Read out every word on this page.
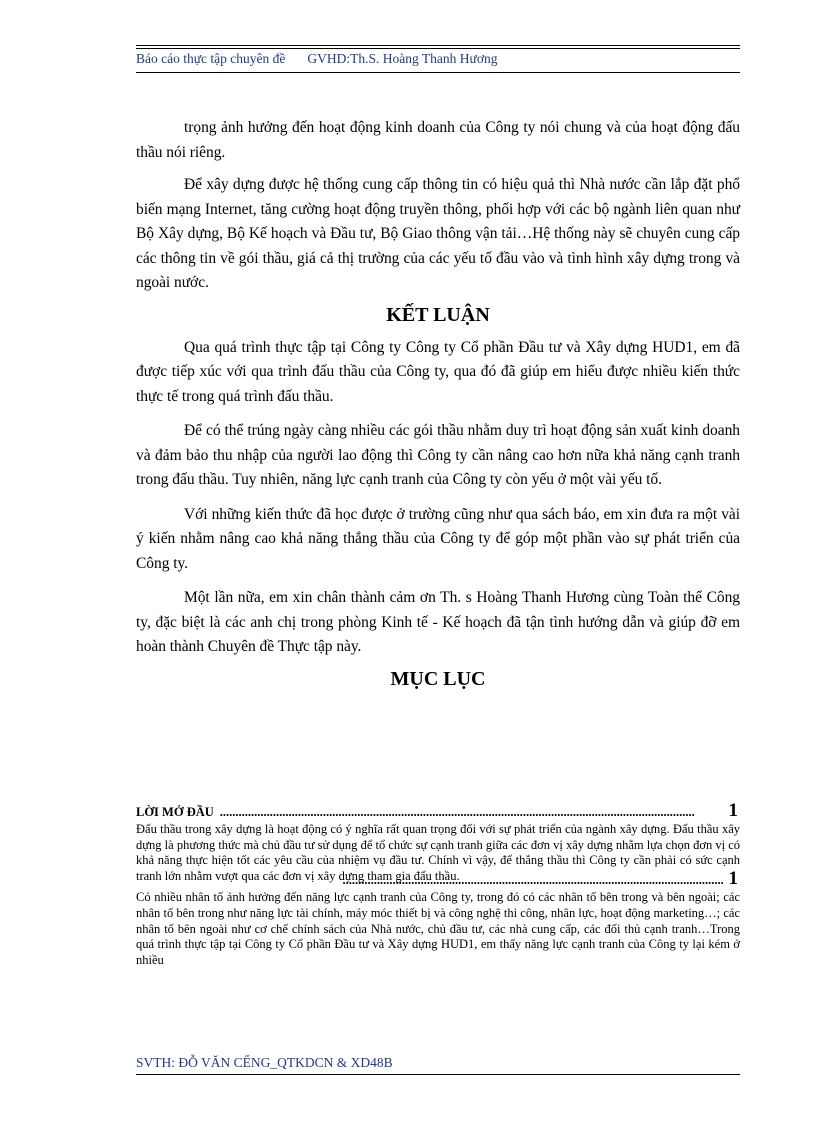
Báo cáo thực tập chuyên đề GVHD:Th.S. Hoàng Thanh Hương

trọng ảnh hưởng đến hoạt động kinh doanh của Công ty nói chung và của hoạt động đấu thầu nói riêng.

Để xây dựng được hệ thống cung cấp thông tin có hiệu quả thì Nhà nước cần lắp đặt phổ biến mạng Internet, tăng cường hoạt động truyền thông, phối hợp với các bộ ngành liên quan như Bộ Xây dựng, Bộ Kế hoạch và Đầu tư, Bộ Giao thông vận tải…Hệ thống này sẽ chuyên cung cấp các thông tin về gói thầu, giá cả thị trường của các yếu tố đầu vào và tình hình xây dựng trong và ngoài nước.

KẾT LUẬN

Qua quá trình thực tập tại Công ty Công ty Cổ phần Đầu tư và Xây dựng HUD1, em đã được tiếp xúc với qua trình đấu thầu của Công ty, qua đó đã giúp em hiểu được nhiều kiến thức thực tế trong quá trình đấu thầu.

Để có thể trúng ngày càng nhiều các gói thầu nhằm duy trì hoạt động sản xuất kinh doanh và đảm bảo thu nhập của người lao động thì Công ty cần nâng cao hơn nữa khả năng cạnh tranh trong đấu thầu. Tuy nhiên, năng lực cạnh tranh của Công ty còn yếu ở một vài yếu tố.

Với những kiến thức đã học được ở trường cũng như qua sách báo, em xin đưa ra một vài ý kiến nhằm nâng cao khả năng thắng thầu của Công ty để góp một phần vào sự phát triển của Công ty.

Một lần nữa, em xin chân thành cảm ơn Th. s Hoàng Thanh Hương cùng Toàn thể Công ty, đặc biệt là các anh chị trong phòng Kinh tế - Kế hoạch đã tận tình hướng dẫn và giúp đỡ em hoàn thành Chuyên đề Thực tập này.

MỤC LỤC
LỜI MỞ ĐẦU .....	1

Đấu thầu trong xây dựng là hoạt động có ý nghĩa rất quan trọng đối với sự phát triển của ngành xây dựng. Đấu thầu xây dựng là phương thức mà chủ đầu tư sử dụng để tổ chức sự cạnh tranh giữa các đơn vị xây dựng nhằm lựa chọn đơn vị có khả năng thực hiện tốt các yêu cầu của nhiệm vụ đầu tư. Chính vì vậy, để thắng thầu thì Công ty cần phải có sức cạnh tranh lớn nhằm vượt qua các đơn vị xây dựng tham gia đấu thầu. .....	1

Có nhiều nhân tố ảnh hưởng đến năng lực cạnh tranh của Công ty, trong đó có các nhân tố bên trong và bên ngoài; các nhân tố bên trong như năng lực tài chính, máy móc thiết bị và công nghệ thi công, nhân lực, hoạt động marketing…; các nhân tố bên ngoài như cơ chế chính sách của Nhà nước, chủ đầu tư, các nhà cung cấp, các đối thủ cạnh tranh…Trong quá trình thực tập tại Công ty Cổ phần Đầu tư và Xây dựng HUD1, em thấy năng lực cạnh tranh của Công ty lại kém ở nhiều

SVTH: ĐỖ VĂN CẾNG_QTKDCN & XD48B
